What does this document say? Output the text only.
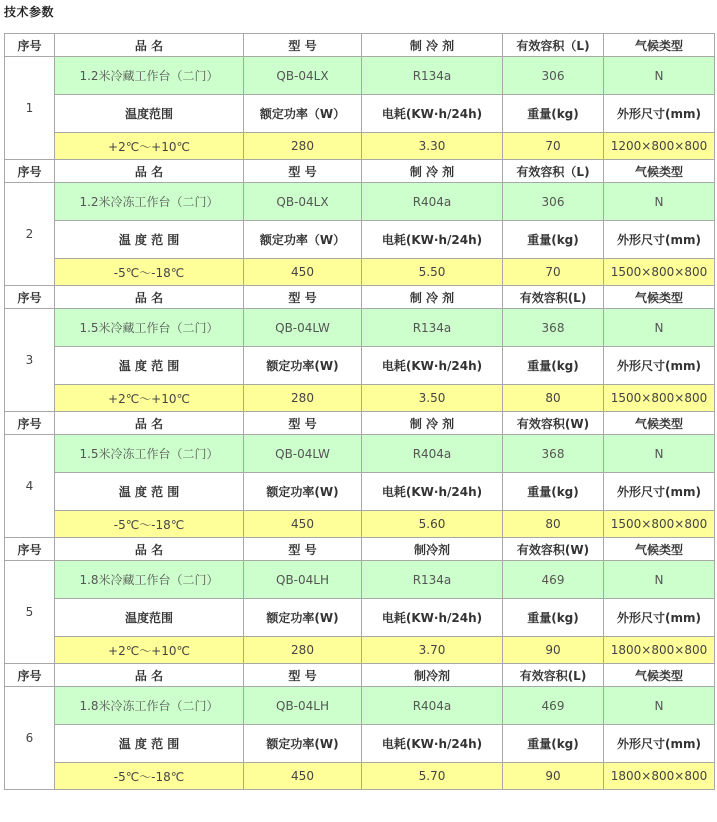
技术参数
序号	品 名	型 号	制 冷 剂	有效容积（L)	气候类型
1	1.2米冷藏工作台（二门）	QB-04LX	R134a	306	N
	温度范围	额定功率（W）	电耗(KW·h/24h)	重量(kg)	外形尺寸(mm)
	+2℃～+10℃	280	3.30	70	1200×800×800
序号	品 名	型 号	制 冷 剂	有效容积（L)	气候类型
2	1.2米冷冻工作台（二门）	QB-04LX	R404a	306	N
	温 度 范 围	额定功率（W）	电耗(KW·h/24h)	重量(kg)	外形尺寸(mm)
	-5℃～-18℃	450	5.50	70	1500×800×800
序号	品 名	型 号	制 冷 剂	有效容积(L)	气候类型
3	1.5米冷藏工作台（二门）	QB-04LW	R134a	368	N
	温 度 范 围	额定功率(W)	电耗(KW·h/24h)	重量(kg)	外形尺寸(mm)
	+2℃～+10℃	280	3.50	80	1500×800×800
序号	品 名	型 号	制 冷 剂	有效容积(W)	气候类型
4	1.5米冷冻工作台（二门）	QB-04LW	R404a	368	N
	温 度 范 围	额定功率(W)	电耗(KW·h/24h)	重量(kg)	外形尺寸(mm)
	-5℃～-18℃	450	5.60	80	1500×800×800
序号	品 名	型 号	制冷剂	有效容积(W)	气候类型
5	1.8米冷藏工作台（二门）	QB-04LH	R134a	469	N
	温度范围	额定功率(W)	电耗(KW·h/24h)	重量(kg)	外形尺寸(mm)
	+2℃～+10℃	280	3.70	90	1800×800×800
序号	品 名	型 号	制冷剂	有效容积(L)	气候类型
6	1.8米冷冻工作台（二门）	QB-04LH	R404a	469	N
	温 度 范 围	额定功率(W)	电耗(KW·h/24h)	重量(kg)	外形尺寸(mm)
	-5℃～-18℃	450	5.70	90	1800×800×800
